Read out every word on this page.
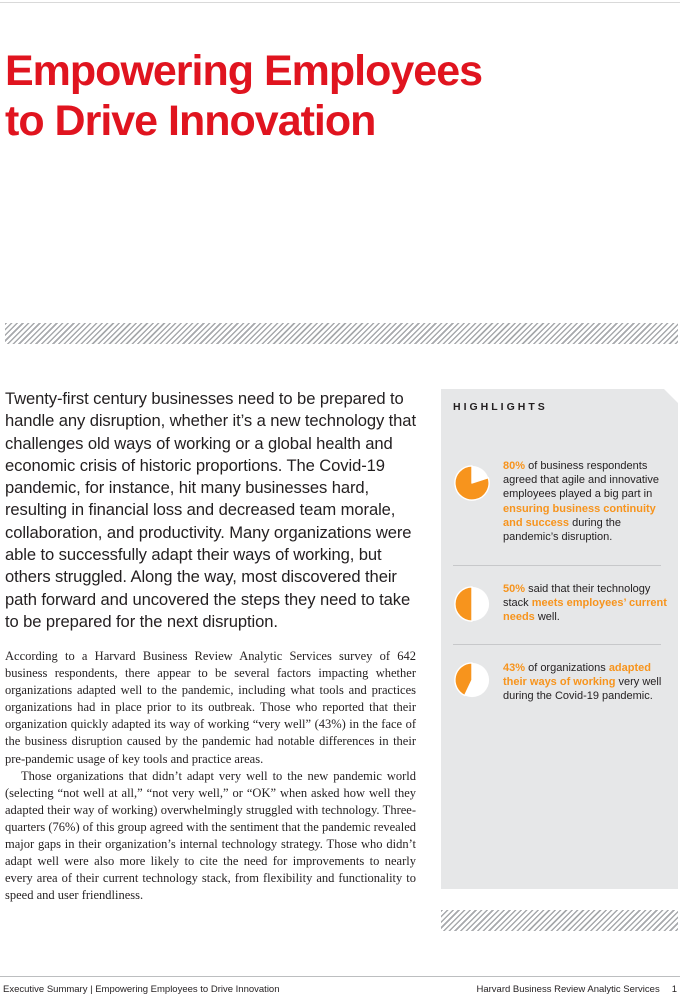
Empowering Employees
to Drive Innovation

Twenty-first century businesses need to be prepared to handle any disruption, whether it’s a new technology that challenges old ways of working or a global health and economic crisis of historic proportions. The Covid-19 pandemic, for instance, hit many businesses hard, resulting in financial loss and decreased team morale, collaboration, and productivity. Many organizations were able to successfully adapt their ways of working, but others struggled. Along the way, most discovered their path forward and uncovered the steps they need to take to be prepared for the next disruption.

According to a Harvard Business Review Analytic Services survey of 642 business respondents, there appear to be several factors impacting whether organizations adapted well to the pandemic, including what tools and practices organizations had in place prior to its outbreak. Those who reported that their organization quickly adapted its way of working “very well” (43%) in the face of the business disruption caused by the pandemic had notable differences in their pre-pandemic usage of key tools and practice areas.

Those organizations that didn’t adapt very well to the new pandemic world (selecting “not well at all,” “not very well,” or “OK” when asked how well they adapted their way of working) overwhelmingly struggled with technology. Three-quarters (76%) of this group agreed with the sentiment that the pandemic revealed major gaps in their organization’s internal technology strategy. Those who didn’t adapt well were also more likely to cite the need for improvements to nearly every area of their current technology stack, from flexibility and functionality to speed and user friendliness.

HIGHLIGHTS

80% of business respondents agreed that agile and innovative employees played a big part in ensuring business continuity and success during the pandemic’s disruption.

50% said that their technology stack meets employees’ current needs well.

43% of organizations adapted their ways of working very well during the Covid-19 pandemic.

Executive Summary | Empowering Employees to Drive Innovation	Harvard Business Review Analytic Services 1
